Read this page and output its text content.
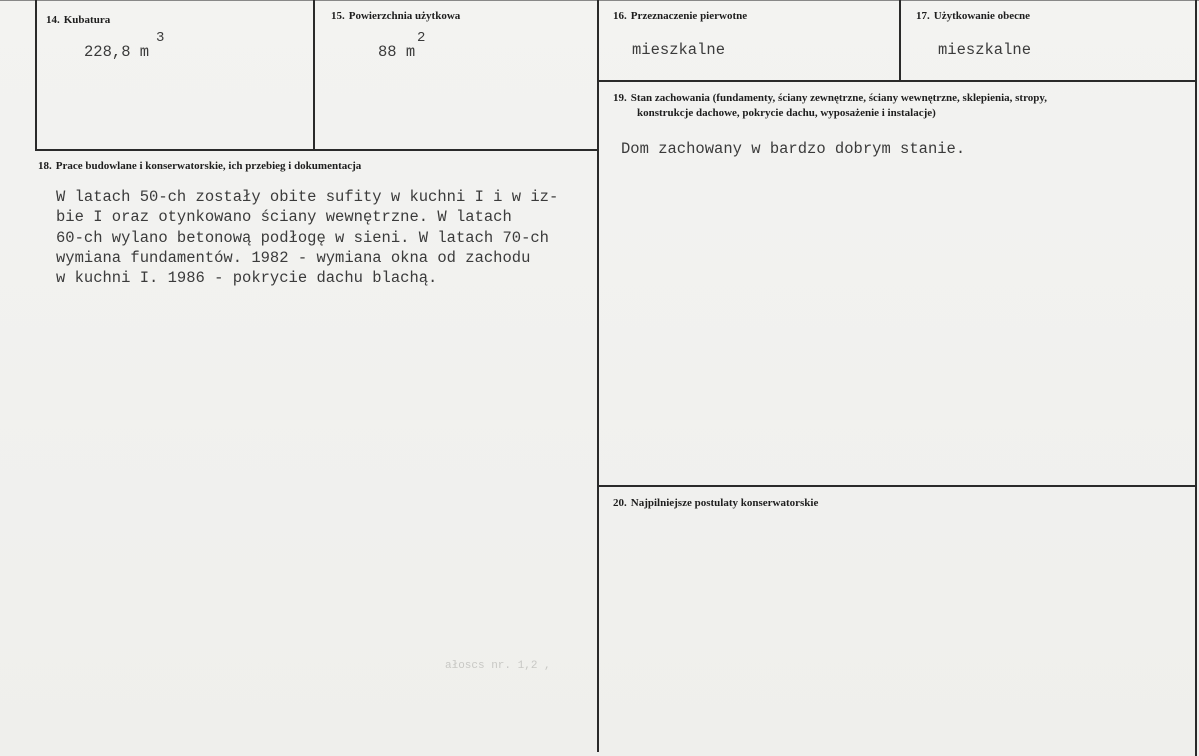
14. Kubatura
228,8 m
3
15. Powierzchnia użytkowa
88 m
2
16. Przeznaczenie pierwotne
mieszkalne
17. Użytkowanie obecne
mieszkalne
18. Prace budowlane i konserwatorskie, ich przebieg i dokumentacja
W latach 50-ch zostały obite sufity w kuchni I i w iz-
bie I oraz otynkowano ściany wewnętrzne. W latach
60-ch wylano betonową podłogę w sieni. W latach 70-ch
wymiana fundamentów. 1982 - wymiana okna od zachodu
w kuchni I. 1986 - pokrycie dachu blachą.
19. Stan zachowania (fundamenty, ściany zewnętrzne, ściany wewnętrzne, sklepienia, stropy,
konstrukcje dachowe, pokrycie dachu, wyposażenie i instalacje)
Dom zachowany w bardzo dobrym stanie.
20. Najpilniejsze postulaty konserwatorskie
ałoscs nr. 1,2 ,
